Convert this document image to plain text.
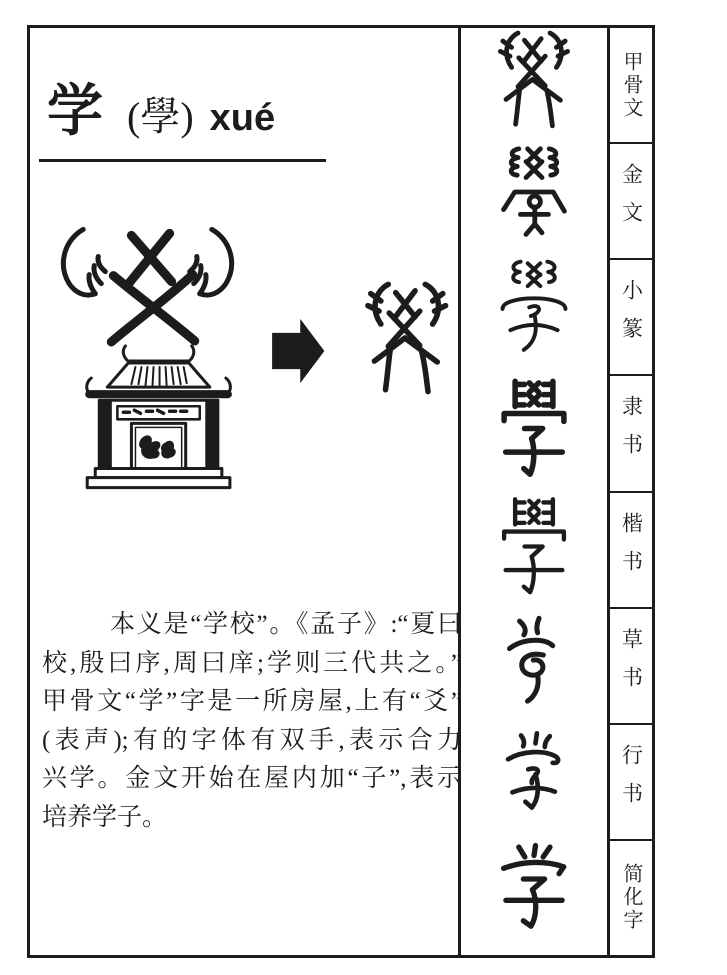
学 (學) xué
本义是“学校”。《孟子》:“夏曰
校,殷曰序,周曰庠;学则三代共之。”
甲骨文“学”字是一所房屋,上有“爻”
(表声);有的字体有双手,表示合力
兴学。金文开始在屋内加“子”,表示
培养学子。
甲骨文
金文
小篆
隶书
楷书
草书
行书
简化字
